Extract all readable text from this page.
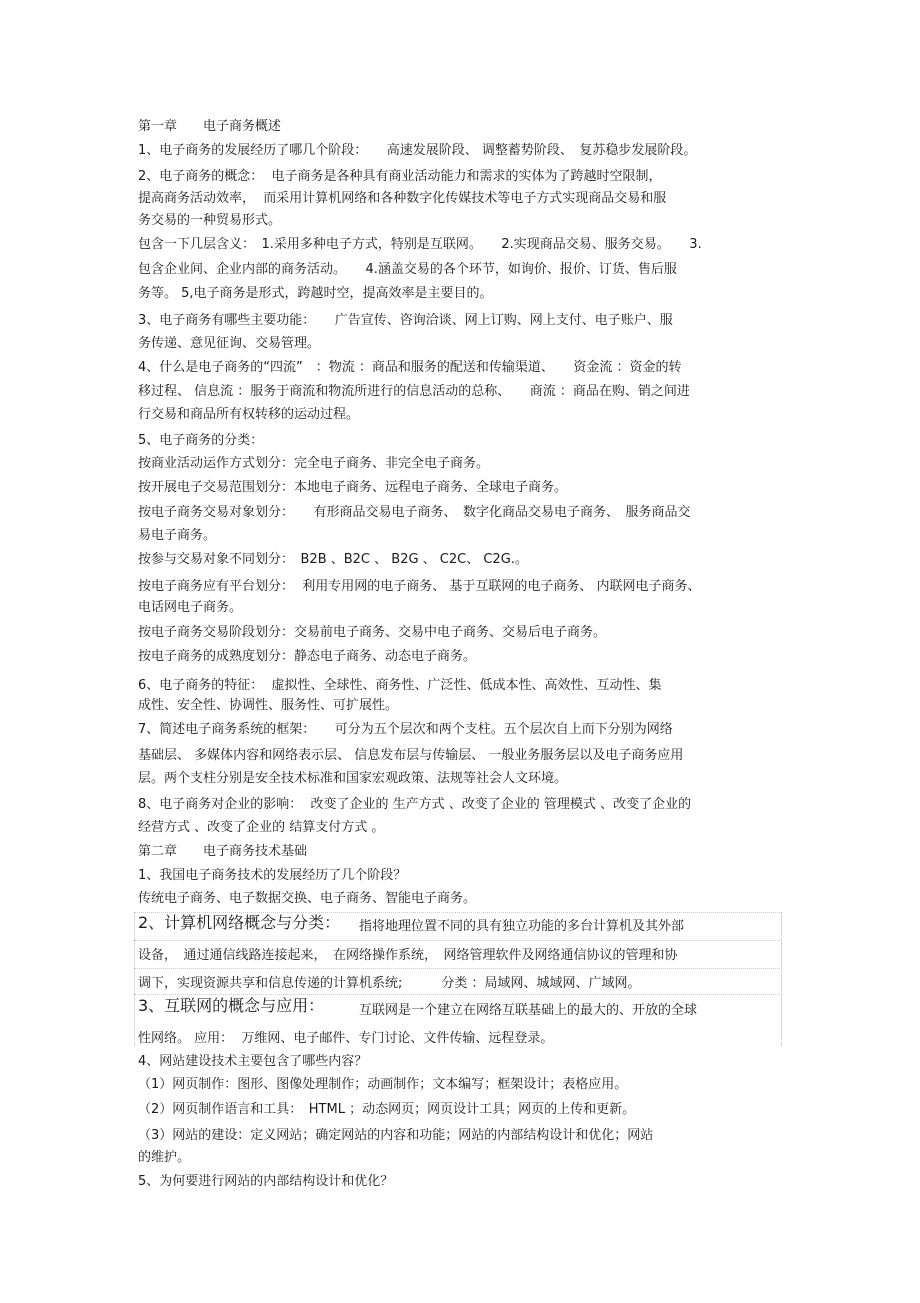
第一章　　电子商务概述
1、电子商务的发展经历了哪几个阶段：　　高速发展阶段、 调整蓄势阶段、　复苏稳步发展阶段。
2、电子商务的概念：  电子商务是各种具有商业活动能力和需求的实体为了跨越时空限制，
提高商务活动效率，  而采用计算机网络和各种数字化传媒技术等电子方式实现商品交易和服
务交易的一种贸易形式。
包含一下几层含义：　1.采用多种电子方式，特别是互联网。　　2.实现商品交易、服务交易。　　3.
包含企业间、企业内部的商务活动。　　4.涵盖交易的各个环节，如询价、报价、订货、售后服
务等。 5,电子商务是形式，跨越时空，提高效率是主要目的。
3、电子商务有哪些主要功能：　　广告宣传、咨询洽谈、网上订购、网上支付、电子账户、服
务传递、意见征询、交易管理。
4、什么是电子商务的“四流”　：物流 ：商品和服务的配送和传输渠道、　　资金流 ：资金的转
移过程、 信息流 ：服务于商流和物流所进行的信息活动的总称、　　商流 ：商品在购、销之间进
行交易和商品所有权转移的运动过程。
5、电子商务的分类：
按商业活动运作方式划分：完全电子商务、非完全电子商务。
按开展电子交易范围划分：本地电子商务、远程电子商务、全球电子商务。
按电子商务交易对象划分：　　有形商品交易电子商务、　数字化商品交易电子商务、　服务商品交
易电子商务。
按参与交易对象不同划分：　B2B 、B2C 、 B2G 、 C2C、 C2G.。
按电子商务应有平台划分：  利用专用网的电子商务、 基于互联网的电子商务、 内联网电子商务、
电话网电子商务。
按电子商务交易阶段划分：交易前电子商务、交易中电子商务、交易后电子商务。
按电子商务的成熟度划分：静态电子商务、动态电子商务。
6、电子商务的特征：  虚拟性、全球性、商务性、广泛性、低成本性、高效性、互动性、集
成性、安全性、协调性、服务性、可扩展性。
7、简述电子商务系统的框架：　　可分为五个层次和两个支柱。五个层次自上而下分别为网络
基础层、 多媒体内容和网络表示层、 信息发布层与传输层、 一般业务服务层以及电子商务应用
层。两个支柱分别是安全技术标准和国家宏观政策、法规等社会人文环境。
8、电子商务对企业的影响：  改变了企业的 生产方式 、改变了企业的 管理模式 、改变了企业的
经营方式 、改变了企业的 结算支付方式 。
第二章　　电子商务技术基础
1、我国电子商务技术的发展经历了几个阶段？
传统电子商务、电子数据交换、电子商务、智能电子商务。
2、计算机网络概念与分类： 　指将地理位置不同的具有独立功能的多台计算机及其外部
设备，　通过通信线路连接起来，　在网络操作系统，　网络管理软件及网络通信协议的管理和协
调下，实现资源共享和信息传递的计算机系统;　　　分类 ：局域网、城域网、广域网。
3、互联网的概念与应用： 　互联网是一个建立在网络互联基础上的最大的、开放的全球
性网络。 应用：  万维网、电子邮件、专门讨论、文件传输、远程登录。
4、网站建设技术主要包含了哪些内容？
（1）网页制作：图形、图像处理制作；动画制作；文本编写；框架设计；表格应用。
（2）网页制作语言和工具：　HTML ；动态网页；网页设计工具；网页的上传和更新。
（3）网站的建设：定义网站；确定网站的内容和功能；网站的内部结构设计和优化；网站
的维护。
5、为何要进行网站的内部结构设计和优化？
